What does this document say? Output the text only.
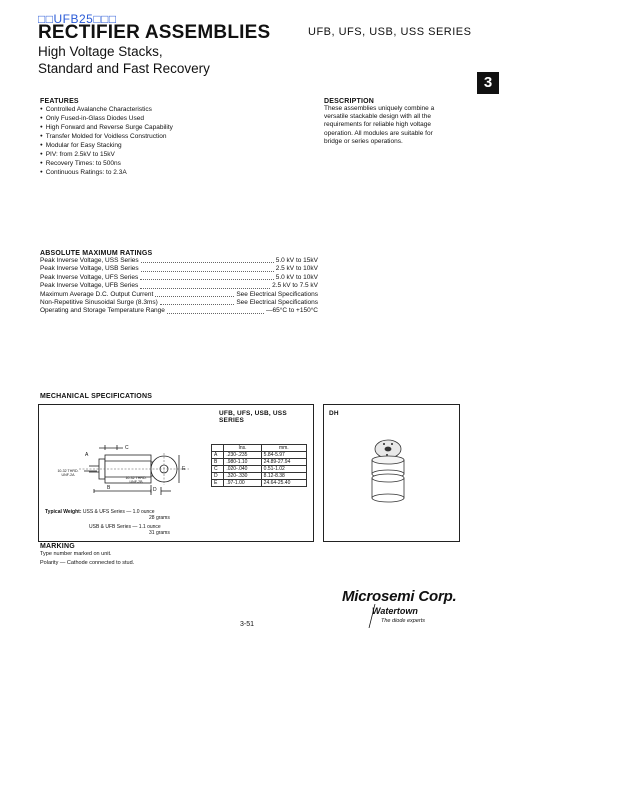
RECTIFIER ASSEMBLIES
□□UFB25□□□
UFB, UFS, USB, USS SERIES
High Voltage Stacks,
Standard and Fast Recovery
3
FEATURES
● Controlled Avalanche Characteristics
● Only Fused-in-Glass Diodes Used
● High Forward and Reverse Surge Capability
● Transfer Molded for Voidless Construction
● Modular for Easy Stacking
● PIV: from 2.5kV to 15kV
● Recovery Times: to 500ns
● Continuous Ratings: to 2.3A
DESCRIPTION
These assemblies uniquely combine a
versatile stackable design with all the
requirements for reliable high voltage
operation. All modules are suitable for
bridge or series operations.
ABSOLUTE MAXIMUM RATINGS
Peak Inverse Voltage, USS Series	5.0 kV to 15kV
Peak Inverse Voltage, USB Series	2.5 kV to 10kV
Peak Inverse Voltage, UFS Series	5.0 kV to 10kV
Peak Inverse Voltage, UFB Series	2.5 kV to 7.5 kV
Maximum Average D.C. Output Current	See Electrical Specifications
Non-Repetitive Sinusoidal Surge (8.3ms)	See Electrical Specifications
Operating and Storage Temperature Range	—65°C to +150°C
MECHANICAL SPECIFICATIONS
UFB, UFS, USB, USS SERIES
A
C
E
B	D
10-32 THRD. UNF-2A
10-32 THRD. UNF-2B
	Ins.	mm.
A	.230-.235	5.84-5.97
B	.980-1.10	24.89-27.94
C	.020-.040	0.51-1.02
D	.320-.330	8.12-8.38
E	.97-1.00	24.64-25.40
Typical Weight: USS & UFS Series — 1.0 ounce
28 grams
USB & UFB Series — 1.1 ounce
31 grams
DH
MARKING
Type number marked on unit.
Polarity — Cathode connected to stud.
3-51
Microsemi Corp.
Watertown
The diode experts
